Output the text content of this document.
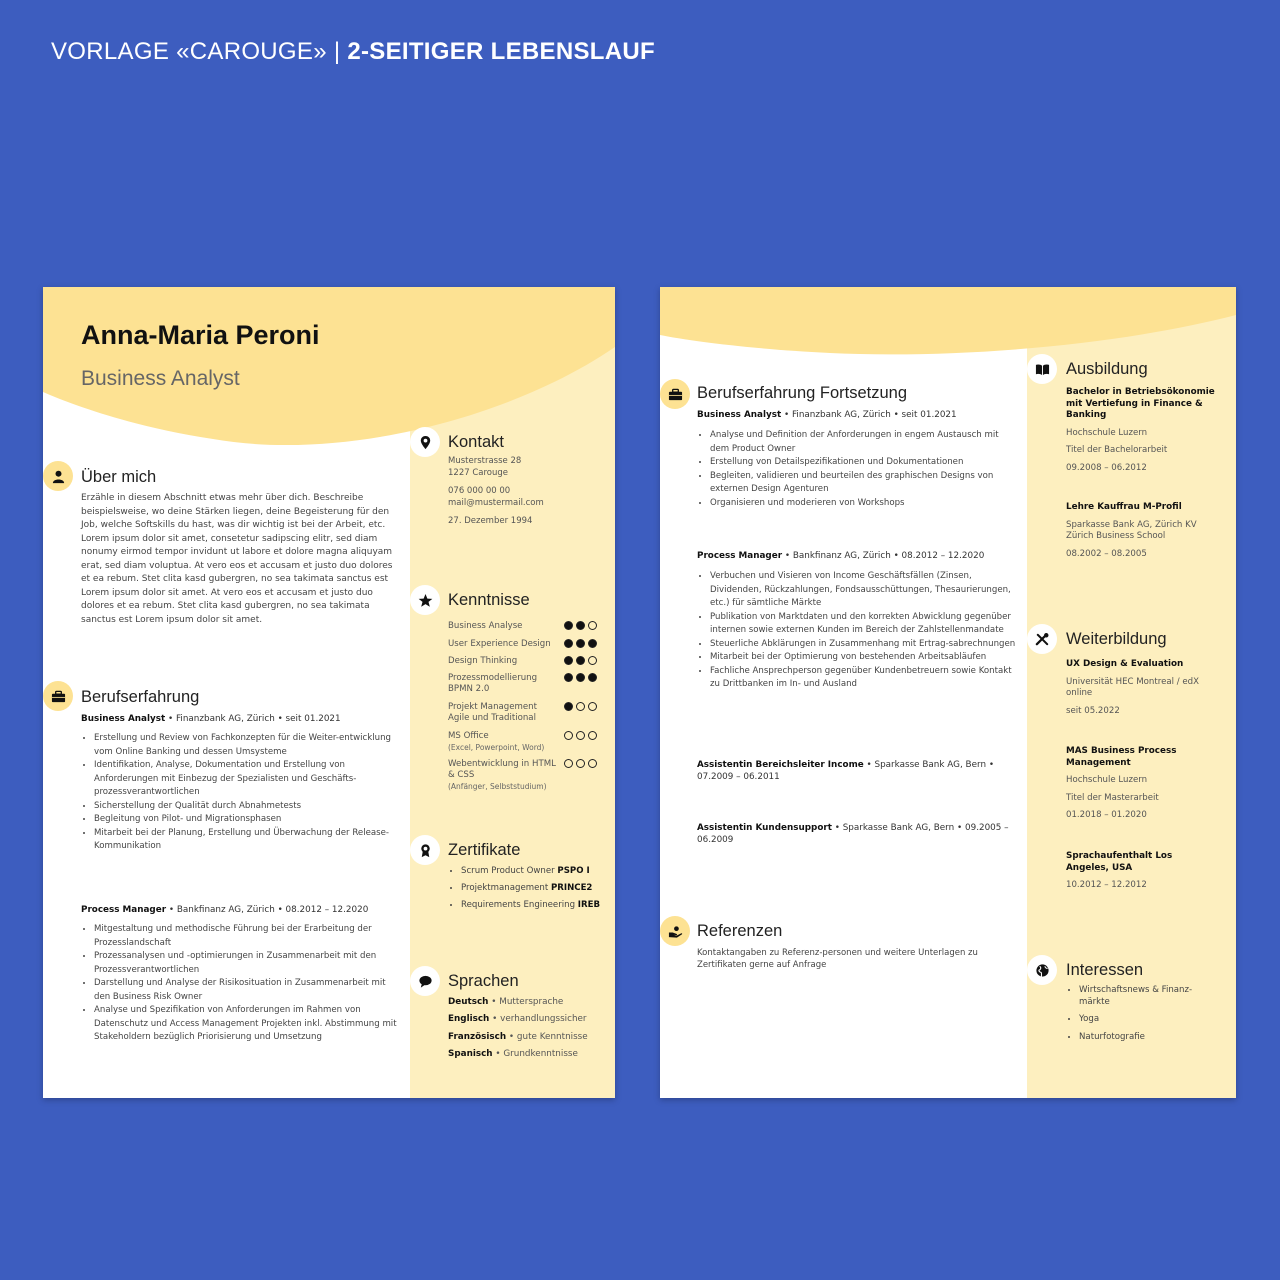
VORLAGE «CAROUGE» | 2-SEITIGER LEBENSLAUF
Anna-Maria Peroni
Business Analyst
Über mich
Erzähle in diesem Abschnitt etwas mehr über dich. Beschreibe
beispielsweise, wo deine Stärken liegen, deine Begeisterung für den
Job, welche Softskills du hast, was dir wichtig ist bei der Arbeit, etc.
Lorem ipsum dolor sit amet, consetetur sadipscing elitr, sed diam
nonumy eirmod tempor invidunt ut labore et dolore magna aliquyam
erat, sed diam voluptua. At vero eos et accusam et justo duo dolores
et ea rebum. Stet clita kasd gubergren, no sea takimata sanctus est
Lorem ipsum dolor sit amet. At vero eos et accusam et justo duo
dolores et ea rebum. Stet clita kasd gubergren, no sea takimata
sanctus est Lorem ipsum dolor sit amet.
Berufserfahrung
Business Analyst • Finanzbank AG, Zürich • seit 01.2021
• Erstellung und Review von Fachkonzepten für die Weiter-entwicklung vom Online Banking und dessen Umsysteme
• Identifikation, Analyse, Dokumentation und Erstellung von Anforderungen mit Einbezug der Spezialisten und Geschäfts-prozessverantwortlichen
• Sicherstellung der Qualität durch Abnahmetests
• Begleitung von Pilot- und Migrationsphasen
• Mitarbeit bei der Planung, Erstellung und Überwachung der Release-Kommunikation
Process Manager • Bankfinanz AG, Zürich • 08.2012 – 12.2020
• Mitgestaltung und methodische Führung bei der Erarbeitung der Prozesslandschaft
• Prozessanalysen und -optimierungen in Zusammenarbeit mit den Prozessverantwortlichen
• Darstellung und Analyse der Risikosituation in Zusammenarbeit mit den Business Risk Owner
• Analyse und Spezifikation von Anforderungen im Rahmen von Datenschutz und Access Management Projekten inkl. Abstimmung mit Stakeholdern bezüglich Priorisierung und Umsetzung
Kontakt
Musterstrasse 28
1227 Carouge
076 000 00 00
mail@mustermail.com
27. Dezember 1994
Kenntnisse
Business Analyse
User Experience Design
Design Thinking
Prozessmodellierung BPMN 2.0
Projekt Management Agile und Traditional
MS Office
(Excel, Powerpoint, Word)
Webentwicklung in HTML & CSS
(Anfänger, Selbststudium)
Zertifikate
• Scrum Product Owner PSPO I
• Projektmanagement PRINCE2
• Requirements Engineering IREB
Sprachen
Deutsch • Muttersprache
Englisch • verhandlungssicher
Französisch • gute Kenntnisse
Spanisch • Grundkenntnisse
Berufserfahrung Fortsetzung
Business Analyst • Finanzbank AG, Zürich • seit 01.2021
• Analyse und Definition der Anforderungen in engem Austausch mit dem Product Owner
• Erstellung von Detailspezifikationen und Dokumentationen
• Begleiten, validieren und beurteilen des graphischen Designs von externen Design Agenturen
• Organisieren und moderieren von Workshops
Process Manager • Bankfinanz AG, Zürich • 08.2012 – 12.2020
• Verbuchen und Visieren von Income Geschäftsfällen (Zinsen, Dividenden, Rückzahlungen, Fondsausschüttungen, Thesaurierungen, etc.) für sämtliche Märkte
• Publikation von Marktdaten und den korrekten Abwicklung gegenüber internen sowie externen Kunden im Bereich der Zahlstellenmandate
• Steuerliche Abklärungen in Zusammenhang mit Ertrag-sabrechnungen
• Mitarbeit bei der Optimierung von bestehenden Arbeitsabläufen
• Fachliche Ansprechperson gegenüber Kundenbetreuern sowie Kontakt zu Drittbanken im In- und Ausland
Assistentin Bereichsleiter Income • Sparkasse Bank AG, Bern •
07.2009 – 06.2011
Assistentin Kundensupport • Sparkasse Bank AG, Bern • 09.2005 –
06.2009
Referenzen
Kontaktangaben zu Referenz-personen und weitere Unterlagen zu
Zertifikaten gerne auf Anfrage
Ausbildung
Bachelor in Betriebsökonomie mit Vertiefung in Finance & Banking
Hochschule Luzern
Titel der Bachelorarbeit
09.2008 – 06.2012
Lehre Kauffrau M-Profil
Sparkasse Bank AG, Zürich KV Zürich Business School
08.2002 – 08.2005
Weiterbildung
UX Design & Evaluation
Universität HEC Montreal / edX online
seit 05.2022
MAS Business Process Management
Hochschule Luzern
Titel der Masterarbeit
01.2018 – 01.2020
Sprachaufenthalt Los Angeles, USA
10.2012 – 12.2012
Interessen
• Wirtschaftsnews & Finanz-märkte
• Yoga
• Naturfotografie
